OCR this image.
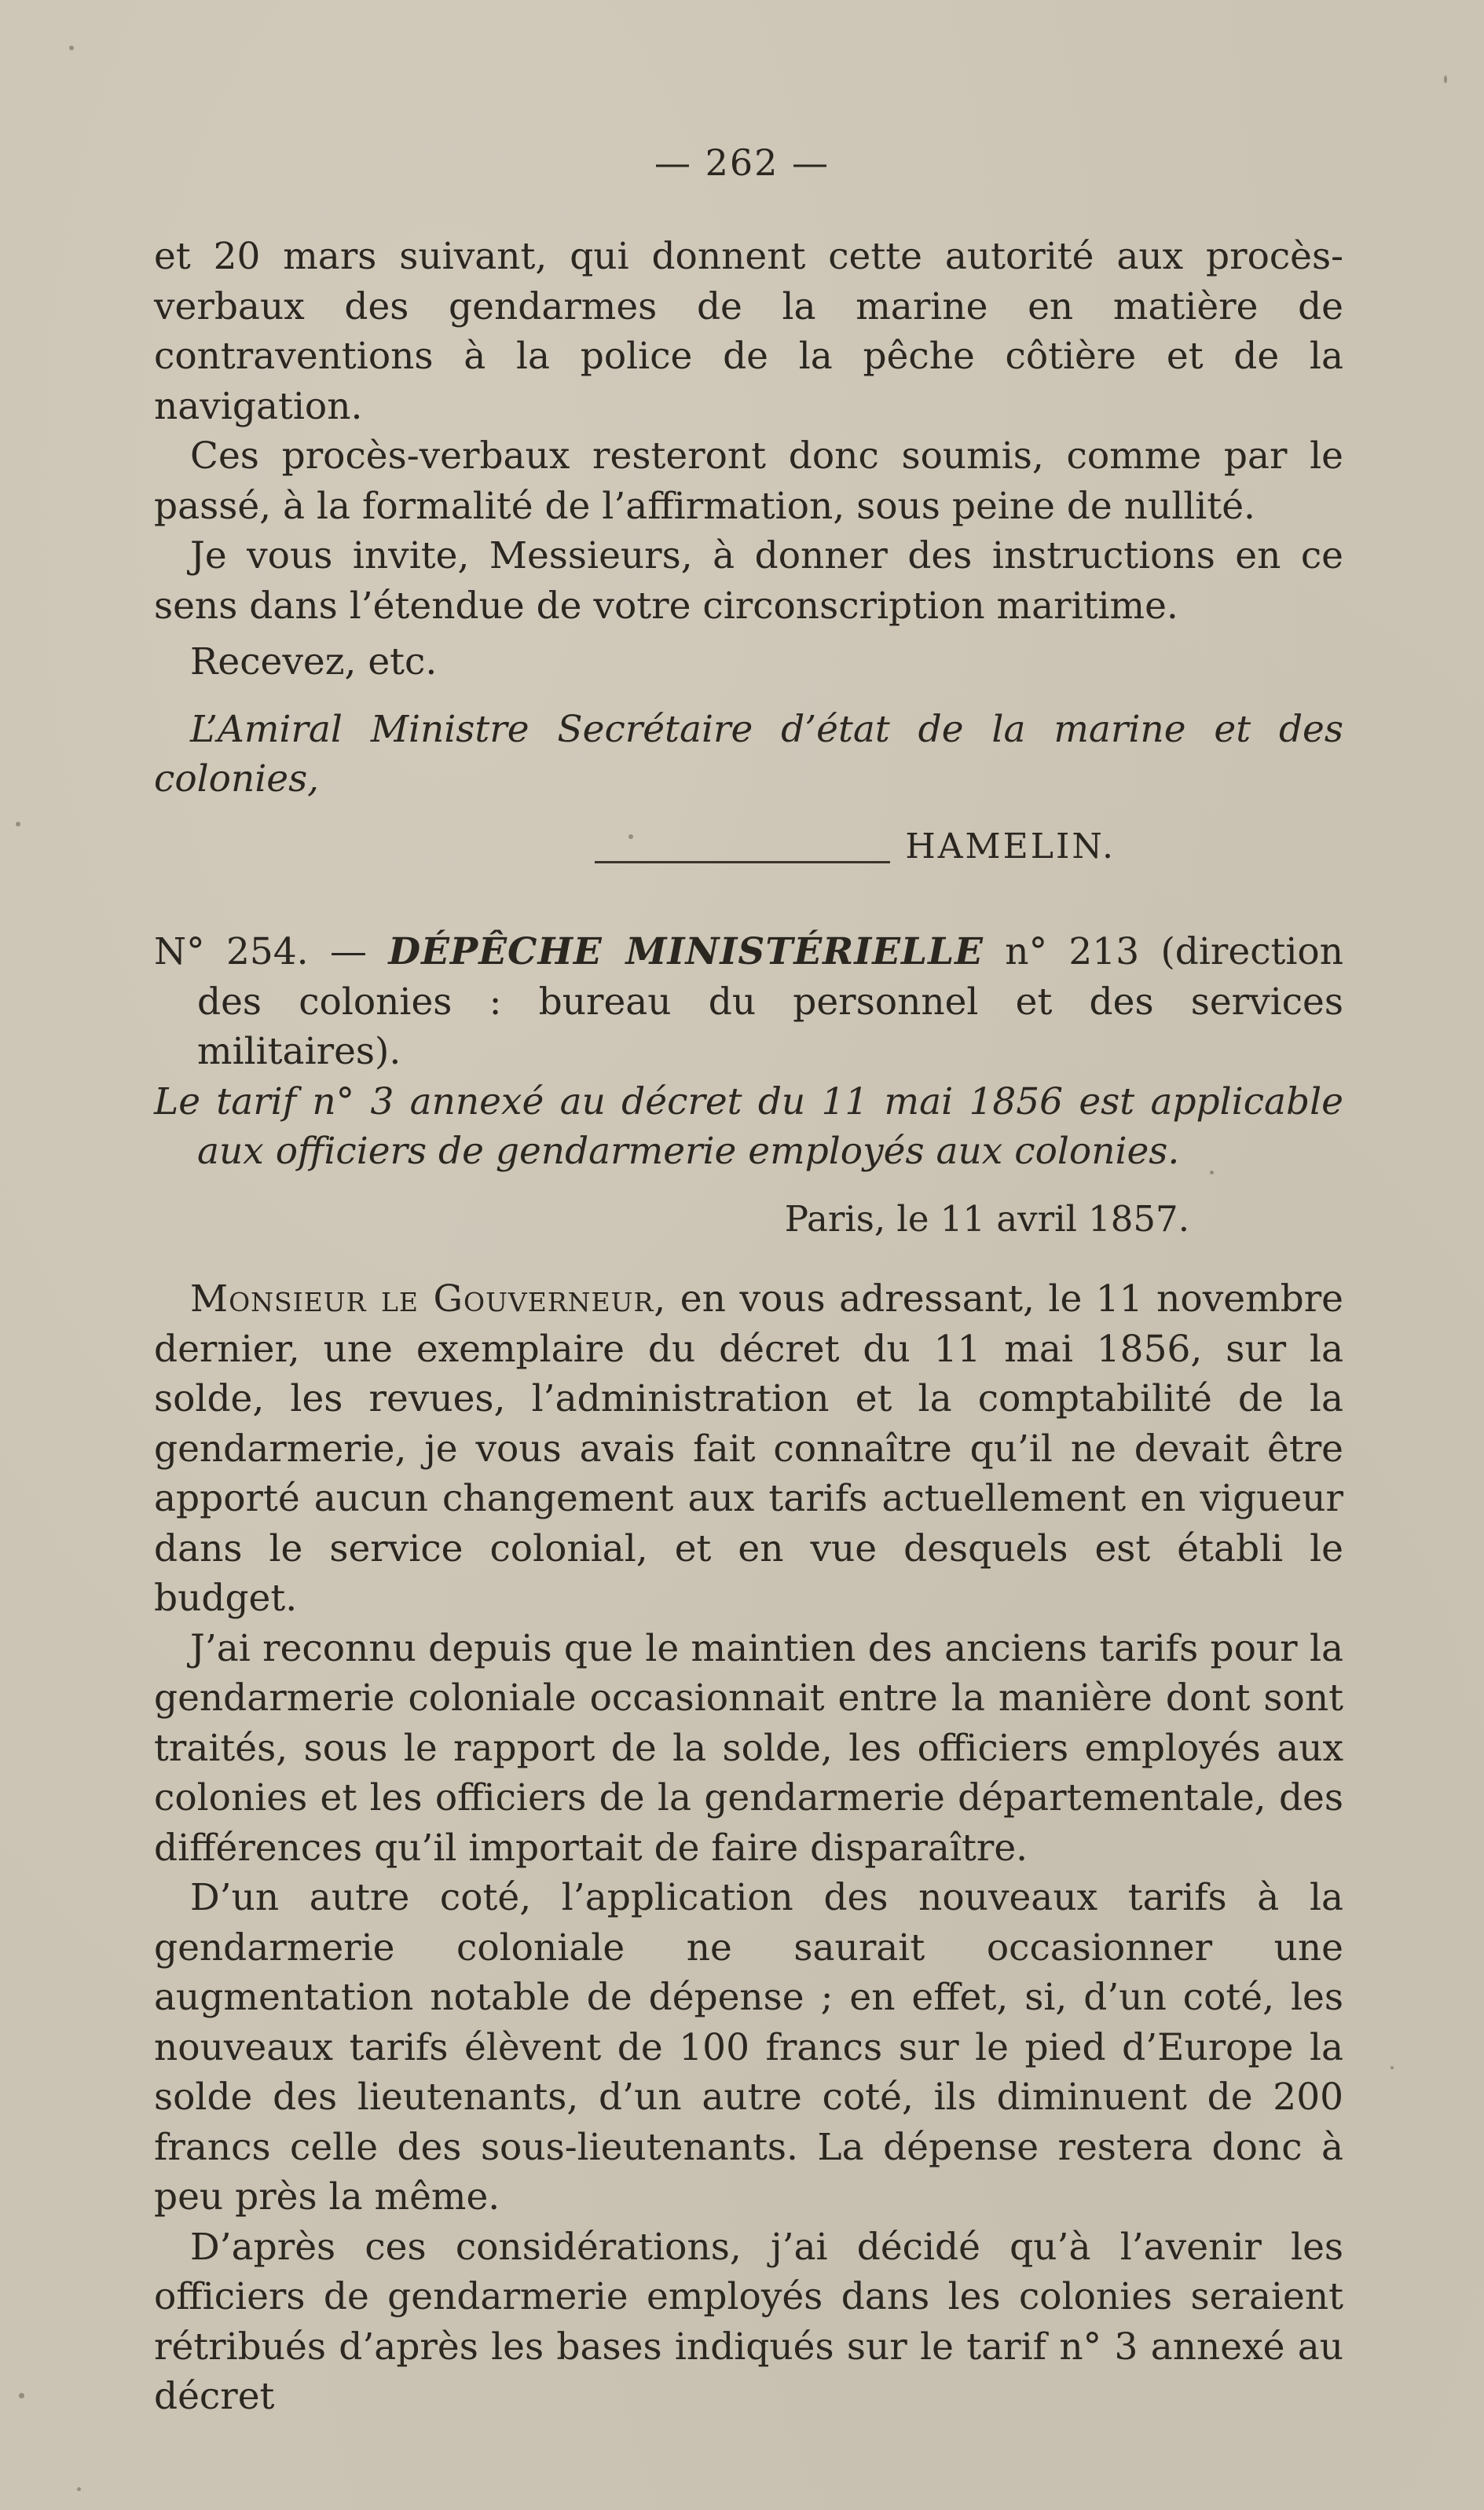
— 262 —

et 20 mars suivant, qui donnent cette autorité aux procès-verbaux des gendarmes de la marine en matière de contraventions à la police de la pêche côtière et de la navigation.

Ces procès-verbaux resteront donc soumis, comme par le passé, à la formalité de l’affirmation, sous peine de nullité.

Je vous invite, Messieurs, à donner des instructions en ce sens dans l’étendue de votre circonscription maritime.

Recevez, etc.

L’Amiral Ministre Secrétaire d’état de la marine et des colonies,

HAMELIN.

N° 254. — DÉPÊCHE MINISTÉRIELLE n° 213 (direction des colonies : bureau du personnel et des services militaires).

Le tarif n° 3 annexé au décret du 11 mai 1856 est applicable aux officiers de gendarmerie employés aux colonies.

Paris, le 11 avril 1857.

Monsieur le Gouverneur, en vous adressant, le 11 novembre dernier, une exemplaire du décret du 11 mai 1856, sur la solde, les revues, l’administration et la comptabilité de la gendarmerie, je vous avais fait connaître qu’il ne devait être apporté aucun changement aux tarifs actuellement en vigueur dans le service colonial, et en vue desquels est établi le budget.

J’ai reconnu depuis que le maintien des anciens tarifs pour la gendarmerie coloniale occasionnait entre la manière dont sont traités, sous le rapport de la solde, les officiers employés aux colonies et les officiers de la gendarmerie départementale, des différences qu’il importait de faire disparaître.

D’un autre coté, l’application des nouveaux tarifs à la gendarmerie coloniale ne saurait occasionner une augmentation notable de dépense ; en effet, si, d’un coté, les nouveaux tarifs élèvent de 100 francs sur le pied d’Europe la solde des lieutenants, d’un autre coté, ils diminuent de 200 francs celle des sous-lieutenants. La dépense restera donc à peu près la même.

D’après ces considérations, j’ai décidé qu’à l’avenir les officiers de gendarmerie employés dans les colonies seraient rétribués d’après les bases indiqués sur le tarif n° 3 annexé au décret
